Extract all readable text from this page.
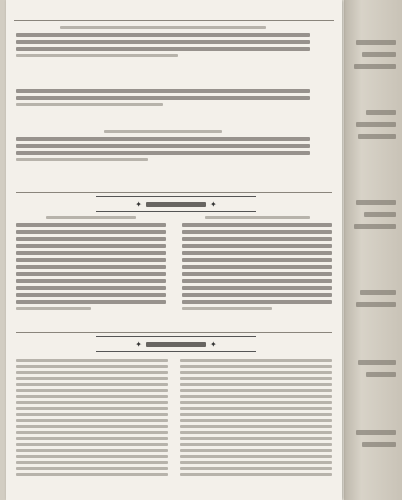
✦
✦
✦
✦
